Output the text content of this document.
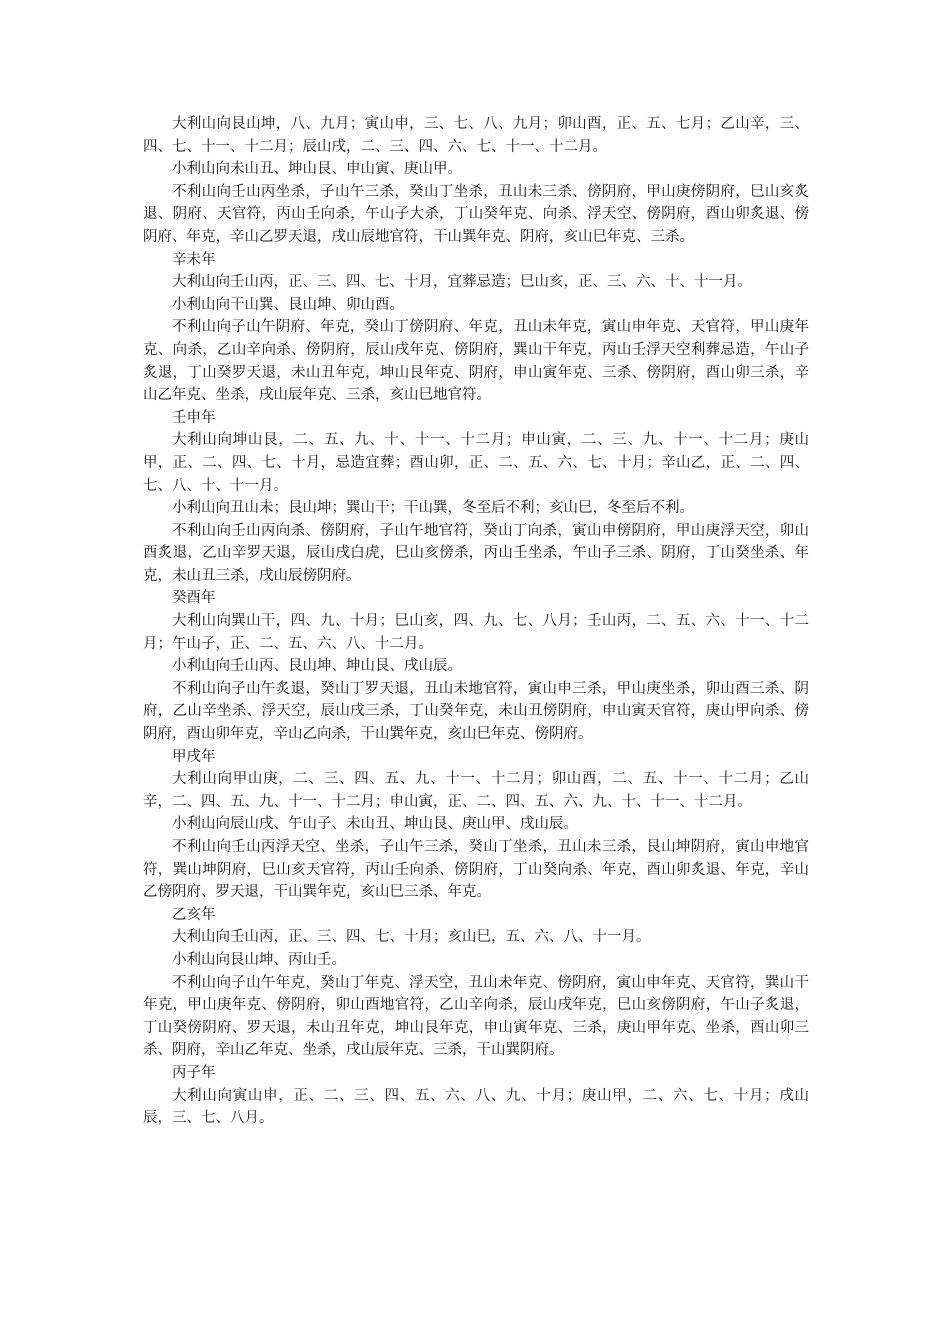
大利山向艮山坤，八、九月；寅山申，三、七、八、九月；卯山酉，正、五、七月；乙山辛，三、四、七、十一、十二月；辰山戌，二、三、四、六、七、十一、十二月。

小利山向未山丑、坤山艮、申山寅、庚山甲。

不利山向壬山丙坐杀，子山午三杀，癸山丁坐杀，丑山未三杀、傍阴府，甲山庚傍阴府，巳山亥炙退、阴府、天官符，丙山壬向杀，午山子大杀，丁山癸年克、向杀、浮天空、傍阴府，酉山卯炙退、傍阴府、年克，辛山乙罗天退，戌山辰地官符，干山巽年克、阴府，亥山巳年克、三杀。

辛未年

大利山向壬山丙，正、三、四、七、十月，宜葬忌造；巳山亥，正、三、六、十、十一月。

小利山向干山巽、艮山坤、卯山酉。

不利山向子山午阴府、年克，癸山丁傍阴府、年克，丑山未年克，寅山申年克、天官符，甲山庚年克、向杀，乙山辛向杀、傍阴府，辰山戌年克、傍阴府，巽山干年克，丙山壬浮天空利葬忌造，午山子炙退，丁山癸罗天退，未山丑年克，坤山艮年克、阴府，申山寅年克、三杀、傍阴府，酉山卯三杀，辛山乙年克、坐杀，戌山辰年克、三杀，亥山巳地官符。

壬申年

大利山向坤山艮，二、五、九、十、十一、十二月；申山寅，二、三、九、十一、十二月；庚山甲，正、二、四、七、十月，忌造宜葬；酉山卯，正、二、五、六、七、十月；辛山乙，正、二、四、七、八、十、十一月。

小利山向丑山未；艮山坤；巽山干；干山巽，冬至后不利；亥山巳，冬至后不利。

不利山向壬山丙向杀、傍阴府，子山午地官符，癸山丁向杀，寅山申傍阴府，甲山庚浮天空，卯山酉炙退，乙山辛罗天退，辰山戌白虎，巳山亥傍杀，丙山壬坐杀，午山子三杀、阴府，丁山癸坐杀、年克，未山丑三杀，戌山辰傍阴府。

癸酉年

大利山向巽山干，四、九、十月；巳山亥，四、九、七、八月；壬山丙，二、五、六、十一、十二月；午山子，正、二、五、六、八、十二月。

小利山向壬山丙、艮山坤、坤山艮、戌山辰。

不利山向子山午炙退，癸山丁罗天退，丑山未地官符，寅山申三杀，甲山庚坐杀，卯山酉三杀、阴府，乙山辛坐杀、浮天空，辰山戌三杀，丁山癸年克，未山丑傍阴府，申山寅天官符，庚山甲向杀、傍阴府，酉山卯年克，辛山乙向杀，干山巽年克，亥山巳年克、傍阴府。

甲戌年

大利山向甲山庚，二、三、四、五、九、十一、十二月；卯山酉，二、五、十一、十二月；乙山辛，二、四、五、九、十一、十二月；申山寅，正、二、四、五、六、九、十、十一、十二月。

小利山向辰山戌、午山子、未山丑、坤山艮、庚山甲、戌山辰。

不利山向壬山丙浮天空、坐杀，子山午三杀，癸山丁坐杀，丑山未三杀，艮山坤阴府，寅山申地官符，巽山坤阴府，巳山亥天官符，丙山壬向杀、傍阴府，丁山癸向杀、年克，酉山卯炙退、年克，辛山乙傍阴府、罗天退，干山巽年克，亥山巳三杀、年克。

乙亥年

大利山向壬山丙，正、三、四、七、十月；亥山巳，五、六、八、十一月。

小利山向艮山坤、丙山壬。

不利山向子山午年克，癸山丁年克、浮天空，丑山未年克、傍阴府，寅山申年克、天官符，巽山干年克，甲山庚年克、傍阴府，卯山酉地官符，乙山辛向杀，辰山戌年克，巳山亥傍阴府，午山子炙退，丁山癸傍阴府、罗天退，未山丑年克，坤山艮年克，申山寅年克、三杀，庚山甲年克、坐杀，酉山卯三杀、阴府，辛山乙年克、坐杀，戌山辰年克、三杀，干山巽阴府。

丙子年

大利山向寅山申，正、二、三、四、五、六、八、九、十月；庚山甲，二、六、七、十月；戌山辰，三、七、八月。
